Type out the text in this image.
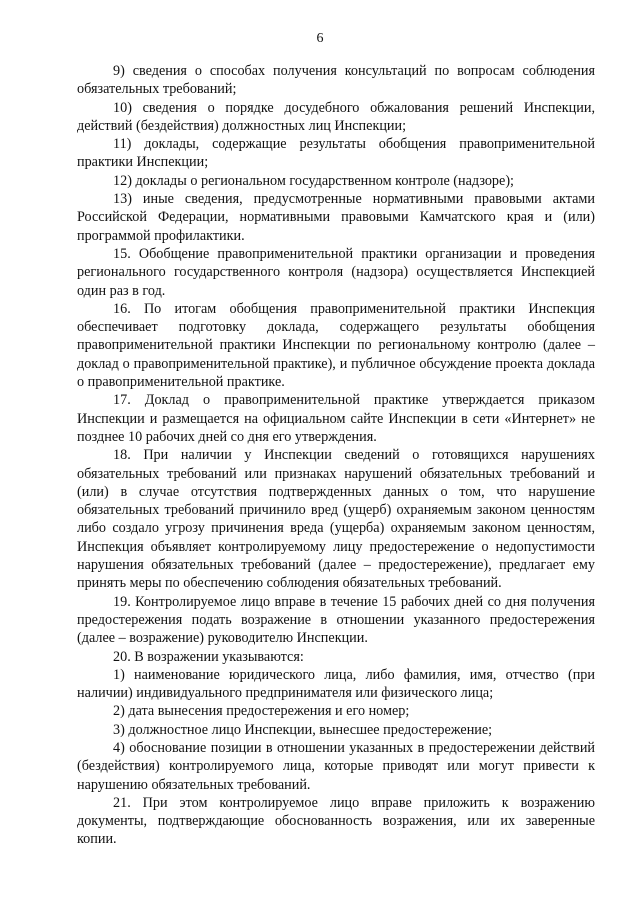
6

9) сведения о способах получения консультаций по вопросам соблюдения обязательных требований;

10) сведения о порядке досудебного обжалования решений Инспекции, действий (бездействия) должностных лиц Инспекции;

11) доклады, содержащие результаты обобщения правоприменительной практики Инспекции;

12) доклады о региональном государственном контроле (надзоре);

13) иные сведения, предусмотренные нормативными правовыми актами Российской Федерации, нормативными правовыми Камчатского края и (или) программой профилактики.

15. Обобщение правоприменительной практики организации и проведения регионального государственного контроля (надзора) осуществляется Инспекцией один раз в год.

16. По итогам обобщения правоприменительной практики Инспекция обеспечивает подготовку доклада, содержащего результаты обобщения правоприменительной практики Инспекции по региональному контролю (далее – доклад о правоприменительной практике), и публичное обсуждение проекта доклада о правоприменительной практике.

17. Доклад о правоприменительной практике утверждается приказом Инспекции и размещается на официальном сайте Инспекции в сети «Интернет» не позднее 10 рабочих дней со дня его утверждения.

18. При наличии у Инспекции сведений о готовящихся нарушениях обязательных требований или признаках нарушений обязательных требований и (или) в случае отсутствия подтвержденных данных о том, что нарушение обязательных требований причинило вред (ущерб) охраняемым законом ценностям либо создало угрозу причинения вреда (ущерба) охраняемым законом ценностям, Инспекция объявляет контролируемому лицу предостережение о недопустимости нарушения обязательных требований (далее – предостережение), предлагает ему принять меры по обеспечению соблюдения обязательных требований.

19. Контролируемое лицо вправе в течение 15 рабочих дней со дня получения предостережения подать возражение в отношении указанного предостережения (далее – возражение) руководителю Инспекции.

20. В возражении указываются:

1) наименование юридического лица, либо фамилия, имя, отчество (при наличии) индивидуального предпринимателя или физического лица;

2) дата вынесения предостережения и его номер;

3) должностное лицо Инспекции, вынесшее предостережение;

4) обоснование позиции в отношении указанных в предостережении действий (бездействия) контролируемого лица, которые приводят или могут привести к нарушению обязательных требований.

21. При этом контролируемое лицо вправе приложить к возражению документы, подтверждающие обоснованность возражения, или их заверенные копии.
